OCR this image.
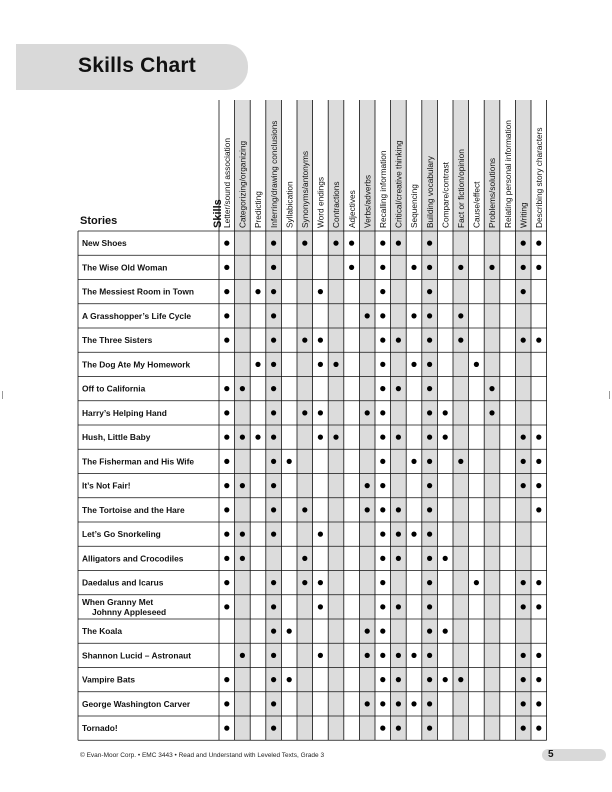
Skills Chart
Stories	Skills
Letter/sound association Categorizing/organizing Predicting Inferring/drawing conclusions Syllabication Synonyms/antonyms Word endings Contractions Adjectives Verbs/adverbs Recalling information Critical/creative thinking Sequencing Building vocabulary Compare/contrast Fact or fiction/opinion Cause/effect Problems/solutions Relating personal information Writing Describing story characters
New Shoes
The Wise Old Woman
The Messiest Room in Town
A Grasshopper’s Life Cycle
The Three Sisters
The Dog Ate My Homework
Off to California
Harry’s Helping Hand
Hush, Little Baby
The Fisherman and His Wife
It’s Not Fair!
The Tortoise and the Hare
Let’s Go Snorkeling
Alligators and Crocodiles
Daedalus and Icarus
When Granny Met
Johnny Appleseed
The Koala
Shannon Lucid – Astronaut
Vampire Bats
George Washington Carver
Tornado!
© Evan-Moor Corp. • EMC 3443 • Read and Understand with Leveled Texts, Grade 3	5
